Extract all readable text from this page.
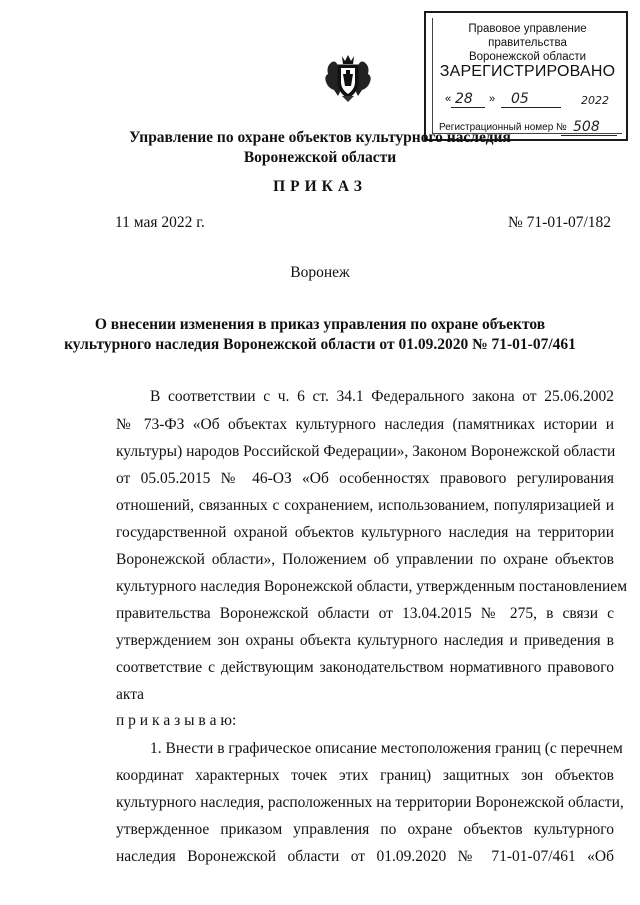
Правовое управление правительства
Воронежской области
ЗАРЕГИСТРИРОВАНО
« 28 » 05	2022
Регистрационный номер № 508
Управление по охране объектов культурного наследия
Воронежской области
ПРИКАЗ
11 мая 2022 г.	№ 71-01-07/182
Воронеж
О внесении изменения в приказ управления по охране объектов
культурного наследия Воронежской области от 01.09.2020 № 71-01-07/461
В соответствии с ч. 6 ст. 34.1 Федерального закона от 25.06.2002
№ 73-ФЗ «Об объектах культурного наследия (памятниках истории и
культуры) народов Российской Федерации», Законом Воронежской области
от 05.05.2015 № 46-ОЗ «Об особенностях правового регулирования
отношений, связанных с сохранением, использованием, популяризацией и
государственной охраной объектов культурного наследия на территории
Воронежской области», Положением об управлении по охране объектов
культурного наследия Воронежской области, утвержденным постановлением
правительства Воронежской области от 13.04.2015 № 275, в связи с
утверждением зон охраны объекта культурного наследия и приведения в
соответствие с действующим законодательством нормативного правового
акта
п р и к а з ы в а ю:
1. Внести в графическое описание местоположения границ (с перечнем
координат характерных точек этих границ) защитных зон объектов
культурного наследия, расположенных на территории Воронежской области,
утвержденное приказом управления по охране объектов культурного
наследия Воронежской области от 01.09.2020 № 71-01-07/461 «Об
